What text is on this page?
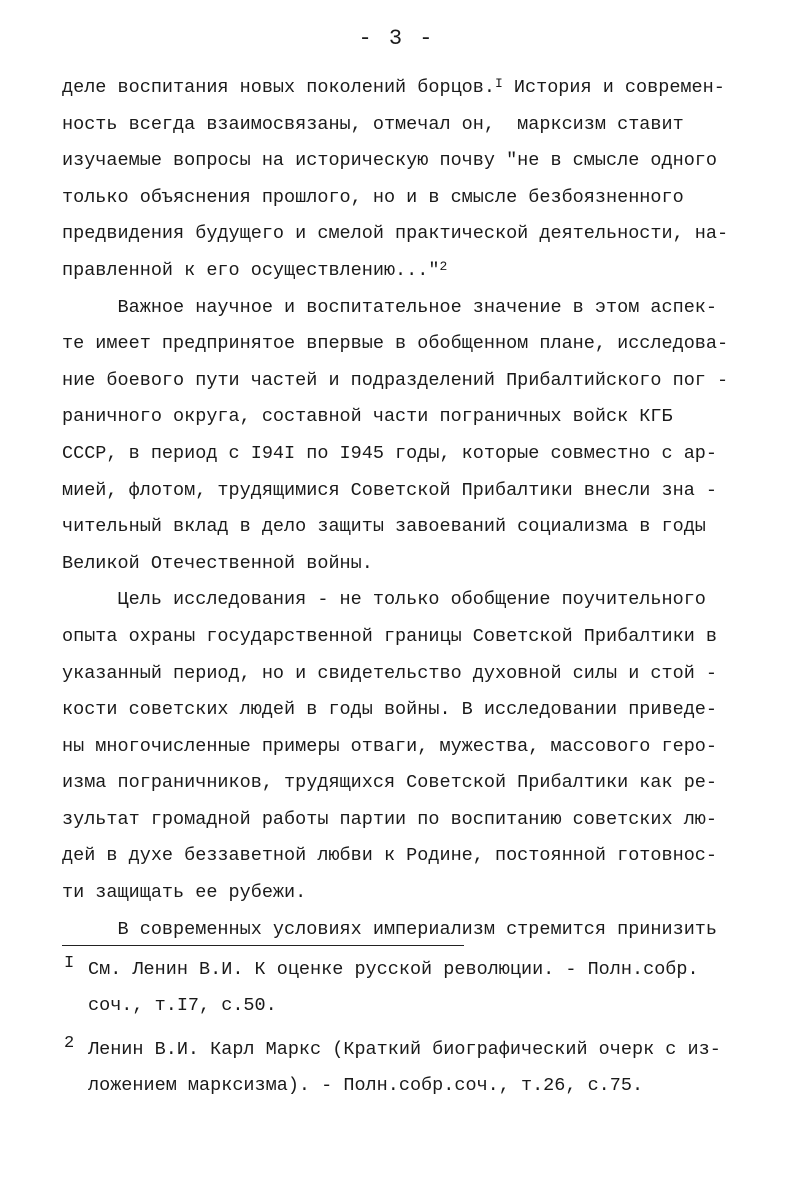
- 3 -
деле воспитания новых поколений борцов.$^I$ История и современ-
ность всегда взаимосвязаны, отмечал он,  марксизм ставит
изучаемые вопросы на историческую почву "не в смысле одного
только объяснения прошлого, но и в смысле безбоязненного
предвидения будущего и смелой практической деятельности, на-
правленной к его осуществлению..."$^2$
Важное научное и воспитательное значение в этом аспек-
те имеет предпринятое впервые в обобщенном плане, исследова-
ние боевого пути частей и подразделений Прибалтийского пог -
раничного округа, составной части пограничных войск КГБ
СССР, в период с I94I по I945 годы, которые совместно с ар-
мией, флотом, трудящимися Советской Прибалтики внесли зна -
чительный вклад в дело защиты завоеваний социализма в годы
Великой Отечественной войны.
Цель исследования - не только обобщение поучительного
опыта охраны государственной границы Советской Прибалтики в
указанный период, но и свидетельство духовной силы и стой -
кости советских людей в годы войны. В исследовании приведе-
ны многочисленные примеры отваги, мужества, массового геро-
изма пограничников, трудящихся Советской Прибалтики как ре-
зультат громадной работы партии по воспитанию советских лю-
дей в духе беззаветной любви к Родине, постоянной готовнос-
ти защищать ее рубежи.
В современных условиях империализм стремится принизить
I См. Ленин В.И. К оценке русской революции. - Полн.собр.
соч., т.I7, с.50.
2 Ленин В.И. Карл Маркс (Краткий биографический очерк с из-
ложением марксизма). - Полн.собр.соч., т.26, с.75.
